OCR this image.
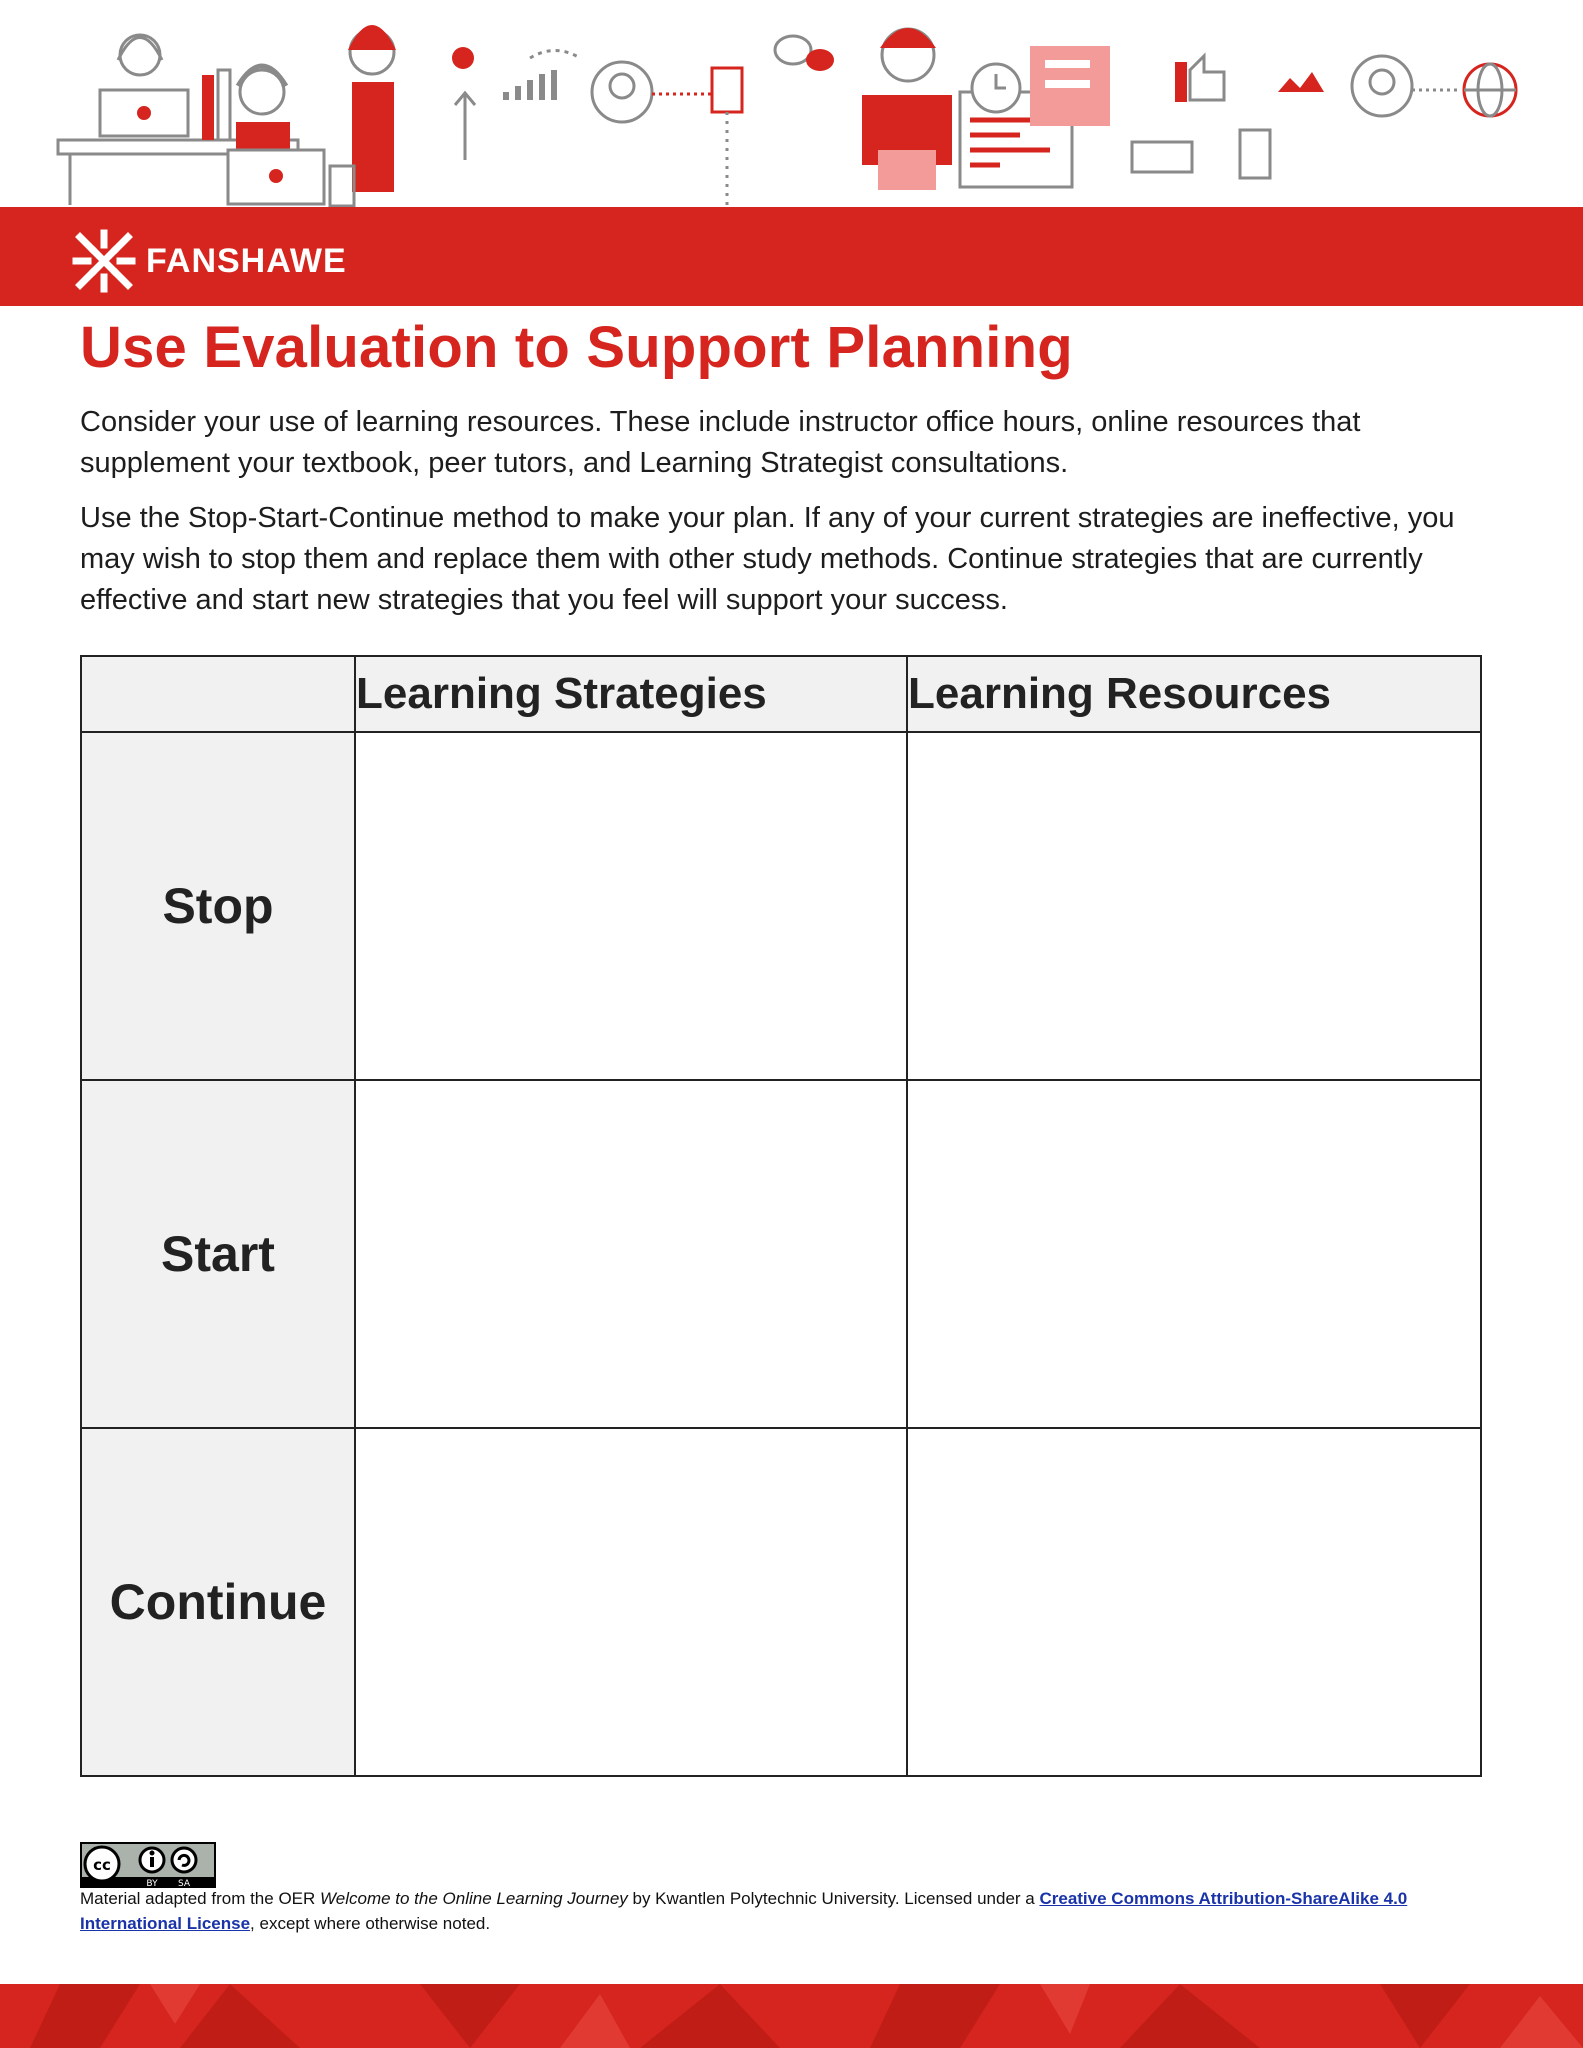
FANSHAWE
Use Evaluation to Support Planning

Consider your use of learning resources. These include instructor office hours, online resources that supplement your textbook, peer tutors, and Learning Strategist consultations.

Use the Stop-Start-Continue method to make your plan. If any of your current strategies are ineffective, you may wish to stop them and replace them with other study methods. Continue strategies that are currently effective and start new strategies that you feel will support your success.

	Learning Strategies	Learning Resources
Stop		
Start		
Continue		
cc
BY SA

Material adapted from the OER Welcome to the Online Learning Journey by Kwantlen Polytechnic University. Licensed under a Creative Commons Attribution-ShareAlike 4.0 International License, except where otherwise noted.
